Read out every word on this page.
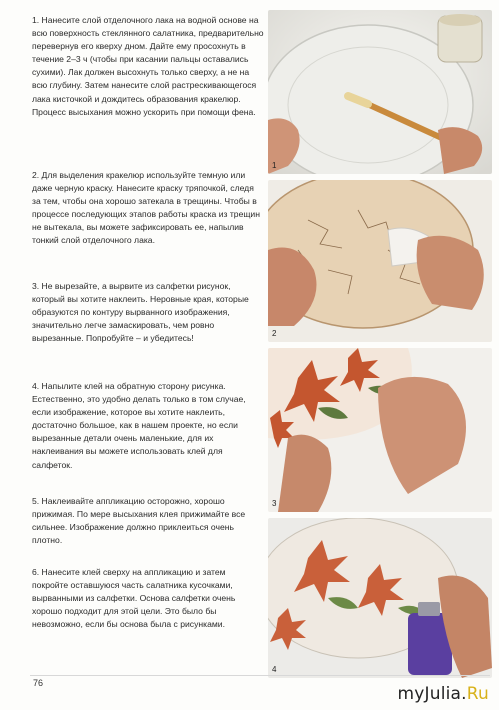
1. Нанесите слой отделочного лака на водной основе на всю поверхность стеклянного салатника, предварительно перевернув его кверху дном. Дайте ему просохнуть в течение 2–3 ч (чтобы при касании пальцы оставались сухими). Лак должен высохнуть только сверху, а не на всю глубину. Затем нанесите слой растрескивающегося лака кисточкой и дождитесь образования кракелюр. Процесс высыхания можно ускорить при помощи фена.

2. Для выделения кракелюр используйте темную или даже черную краску. Нанесите краску тряпочкой, следя за тем, чтобы она хорошо затекала в трещины. Чтобы в процессе последующих этапов работы краска из трещин не вытекала, вы можете зафиксировать ее, напылив тонкий слой отделочного лака.

3. Не вырезайте, а вырвите из салфетки рисунок, который вы хотите наклеить. Неровные края, которые образуются по контуру вырванного изображения, значительно легче замаскировать, чем ровно вырезанные. Попробуйте – и убедитесь!

4. Напылите клей на обратную сторону рисунка. Естественно, это удобно делать только в том случае, если изображение, которое вы хотите наклеить, достаточно большое, как в нашем проекте, но если вырезанные детали очень маленькие, для их наклеивания вы можете использовать клей для салфеток.

5. Наклеивайте аппликацию осторожно, хорошо прижимая. По мере высыхания клея прижимайте все сильнее. Изображение должно приклеиться очень плотно.

6. Нанесите клей сверху на аппликацию и затем покройте оставшуюся часть салатника кусочками, вырванными из салфетки. Основа салфетки очень хорошо подходит для этой цели. Это было бы невозможно, если бы основа была с рисунками.

1
2
3
4
76
myJulia.Ru
